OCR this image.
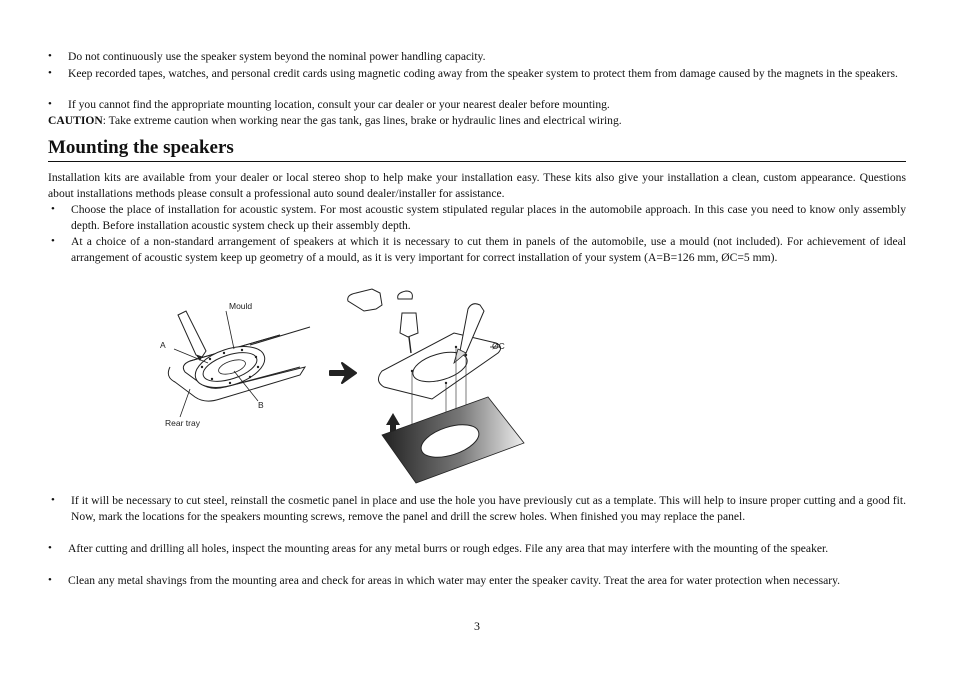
• Do not continuously use the speaker system beyond the nominal power handling capacity.
• Keep recorded tapes, watches, and personal credit cards using magnetic coding away from the speaker system to protect them from damage caused by the magnets in the speakers.
• If you cannot find the appropriate mounting location, consult your car dealer or your nearest dealer before mounting.
CAUTION: Take extreme caution when working near the gas tank, gas lines, brake or hydraulic lines and electrical wiring.
Mounting the speakers
Installation kits are available from your dealer or local stereo shop to help make your installation easy. These kits also give your installation a clean, custom appearance. Questions about installations methods please consult a professional auto sound dealer/installer for assistance.
• Choose the place of installation for acoustic system. For most acoustic system stipulated regular places in the automobile approach. In this case you need to know only assembly depth. Before installation acoustic system check up their assembly depth.
• At a choice of a non-standard arrangement of speakers at which it is necessary to cut them in panels of the automobile, use a mould (not included). For achievement of ideal arrangement of acoustic system keep up geometry of a mould, as it is very important for correct installation of your system (A=B=126 mm, ØC=5 mm).
Mould
A
B
Rear tray
ØC
• If it will be necessary to cut steel, reinstall the cosmetic panel in place and use the hole you have previously cut as a template. This will help to insure proper cutting and a good fit. Now, mark the locations for the speakers mounting screws, remove the panel and drill the screw holes. When finished you may replace the panel.
• After cutting and drilling all holes, inspect the mounting areas for any metal burrs or rough edges. File any area that may interfere with the mounting of the speaker.
• Clean any metal shavings from the mounting area and check for areas in which water may enter the speaker cavity. Treat the area for water protection when necessary.
3
